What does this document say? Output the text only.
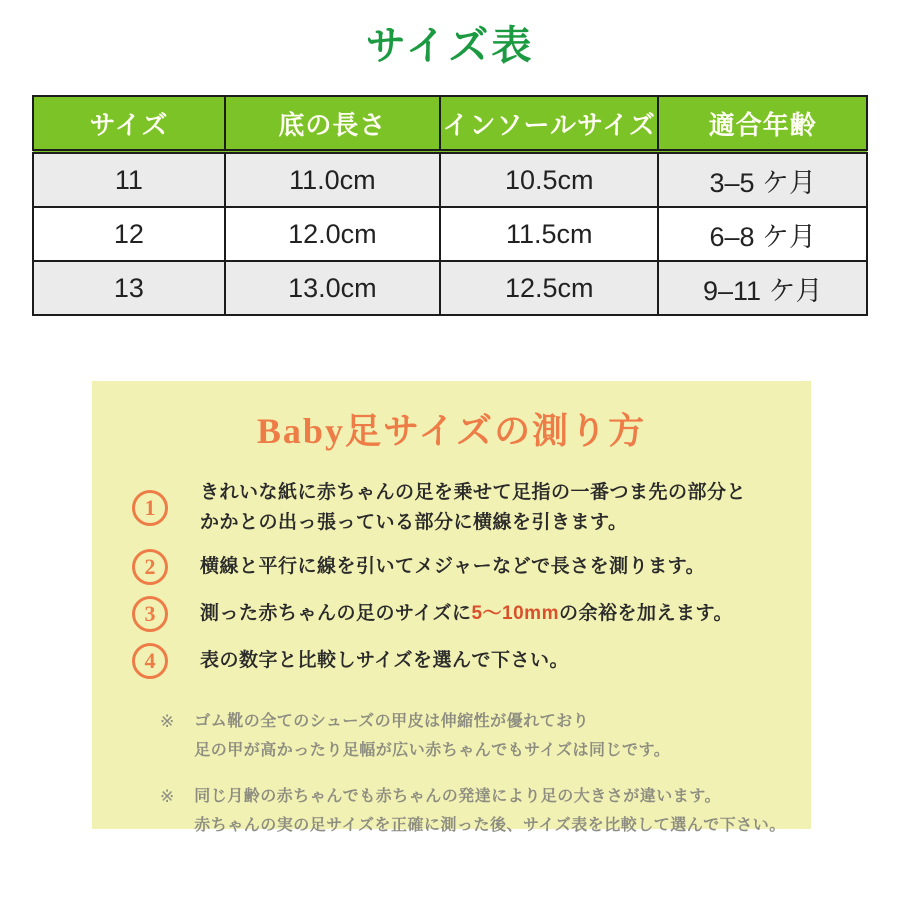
サイズ表
サイズ	底の長さ	インソールサイズ	適合年齢
11	11.0cm	10.5cm	3–5 ケ月
12	12.0cm	11.5cm	6–8 ケ月
13	13.0cm	12.5cm	9–11 ケ月
Baby足サイズの測り方
1
きれいな紙に赤ちゃんの足を乗せて足指の一番つま先の部分と
かかとの出っ張っている部分に横線を引きます。
2	横線と平行に線を引いてメジャーなどで長さを測ります。
3	測った赤ちゃんの足のサイズに5〜10mmの余裕を加えます。
4	表の数字と比較しサイズを選んで下さい。
※ ゴム靴の全てのシューズの甲皮は伸縮性が優れており
足の甲が高かったり足幅が広い赤ちゃんでもサイズは同じです。
※ 同じ月齢の赤ちゃんでも赤ちゃんの発達により足の大きさが違います。
赤ちゃんの実の足サイズを正確に測った後、サイズ表を比較して選んで下さい。
